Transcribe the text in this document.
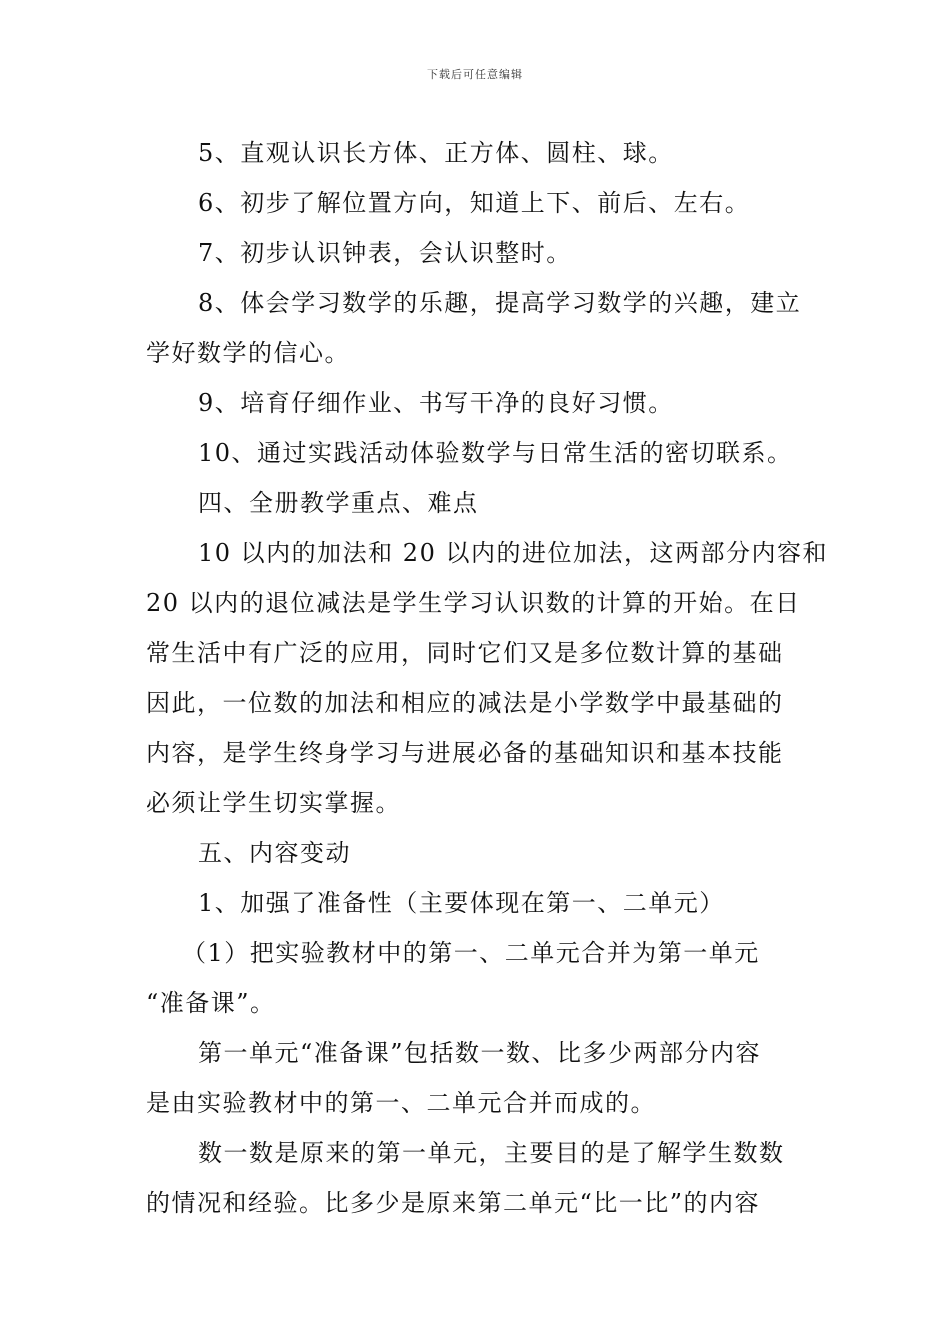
下载后可任意编辑

5、直观认识长方体、正方体、圆柱、球。

6、初步了解位置方向，知道上下、前后、左右。

7、初步认识钟表，会认识整时。

8、体会学习数学的乐趣，提高学习数学的兴趣，建立

学好数学的信心。

9、培育仔细作业、书写干净的良好习惯。

10、通过实践活动体验数学与日常生活的密切联系。

四、全册教学重点、难点

10 以内的加法和 20 以内的进位加法，这两部分内容和

20 以内的退位减法是学生学习认识数的计算的开始。在日

常生活中有广泛的应用，同时它们又是多位数计算的基础

因此，一位数的加法和相应的减法是小学数学中最基础的

内容，是学生终身学习与进展必备的基础知识和基本技能

必须让学生切实掌握。

五、内容变动

1、加强了准备性（主要体现在第一、二单元）

（1）把实验教材中的第一、二单元合并为第一单元

“准备课”。

第一单元“准备课”包括数一数、比多少两部分内容

是由实验教材中的第一、二单元合并而成的。

数一数是原来的第一单元，主要目的是了解学生数数

的情况和经验。比多少是原来第二单元“比一比”的内容
